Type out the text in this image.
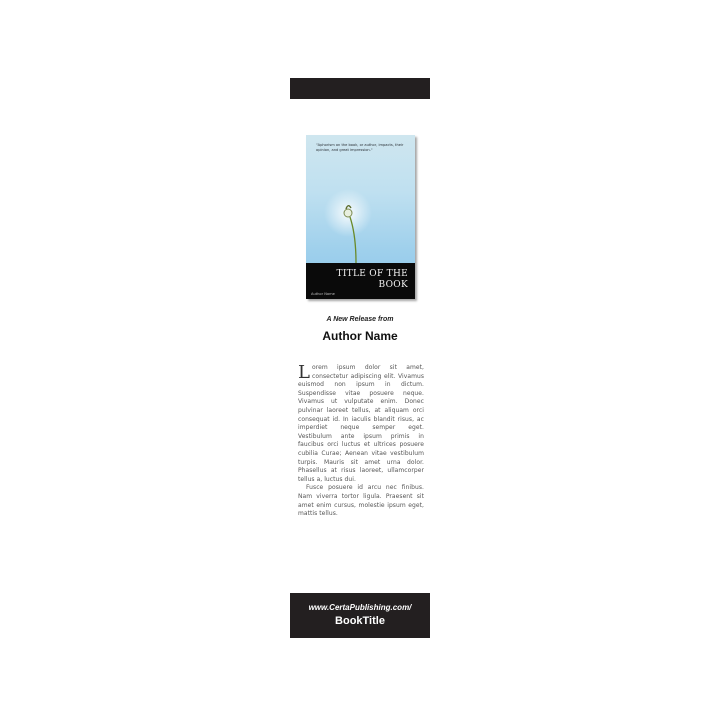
"Aphorism on the book, or author, impacts, their opinion, and great impression."
TITLE OF THE
BOOK
Author Name
A New Release from
Author Name

Lorem ipsum dolor sit amet, consectetur adipiscing elit. Vivamus euismod non ipsum in dictum. Suspendisse vitae posuere neque. Vivamus ut vulputate enim. Donec pulvinar laoreet tellus, at aliquam orci consequat id. In iaculis blandit risus, ac imperdiet neque semper eget. Vestibulum ante ipsum primis in faucibus orci luctus et ultrices posuere cubilia Curae; Aenean vitae vestibulum turpis. Mauris sit amet urna dolor. Phasellus at risus laoreet, ullamcorper tellus a, luctus dui.

Fusce posuere id arcu nec finibus. Nam viverra tortor ligula. Praesent sit amet enim cursus, molestie ipsum eget, mattis tellus.

www.CertaPublishing.com/
BookTitle
